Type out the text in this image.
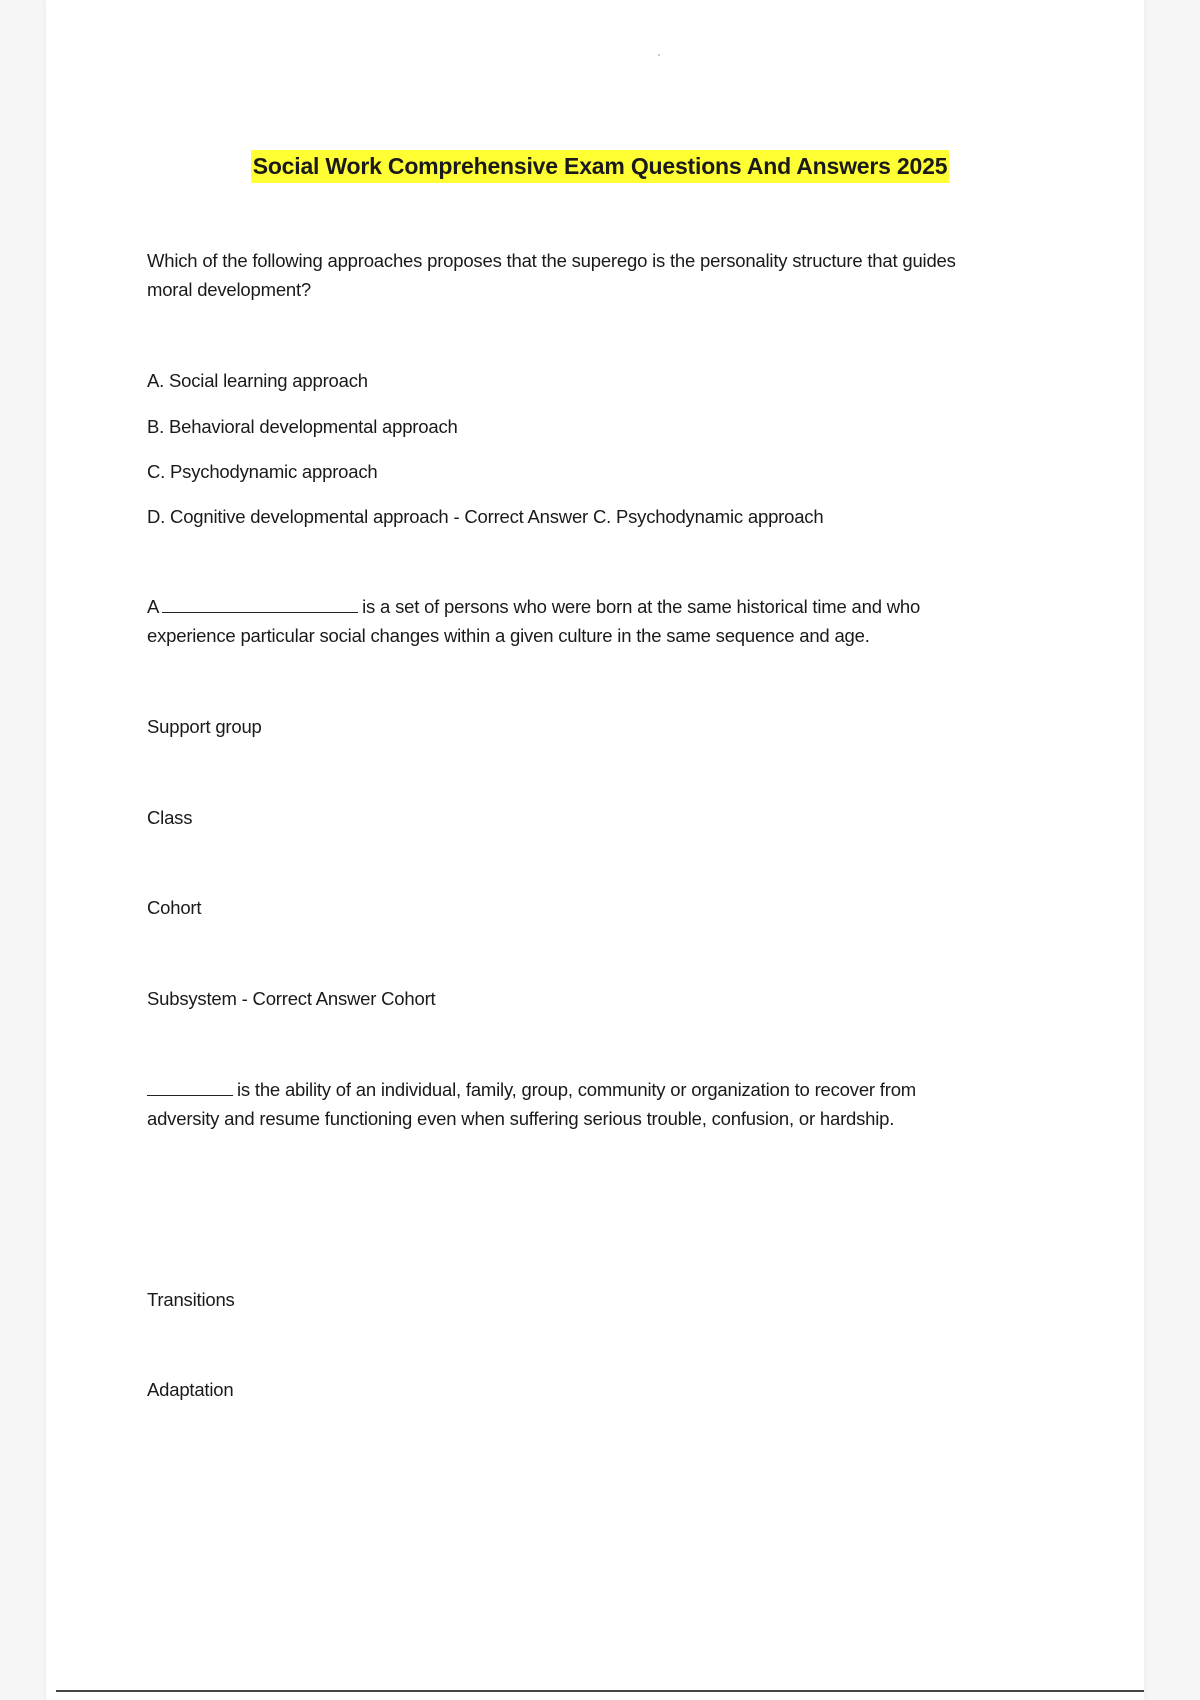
Social Work Comprehensive Exam Questions And Answers 2025
Which of the following approaches proposes that the superego is the personality structure that guides
moral development?
A. Social learning approach
B. Behavioral developmental approach
C. Psychodynamic approach
D. Cognitive developmental approach - Correct Answer C. Psychodynamic approach
A	is a set of persons who were born at the same historical time and who
experience particular social changes within a given culture in the same sequence and age.
Support group
Class
Cohort
Subsystem - Correct Answer Cohort
is the ability of an individual, family, group, community or organization to recover from
adversity and resume functioning even when suffering serious trouble, confusion, or hardship.
Transitions
Adaptation
